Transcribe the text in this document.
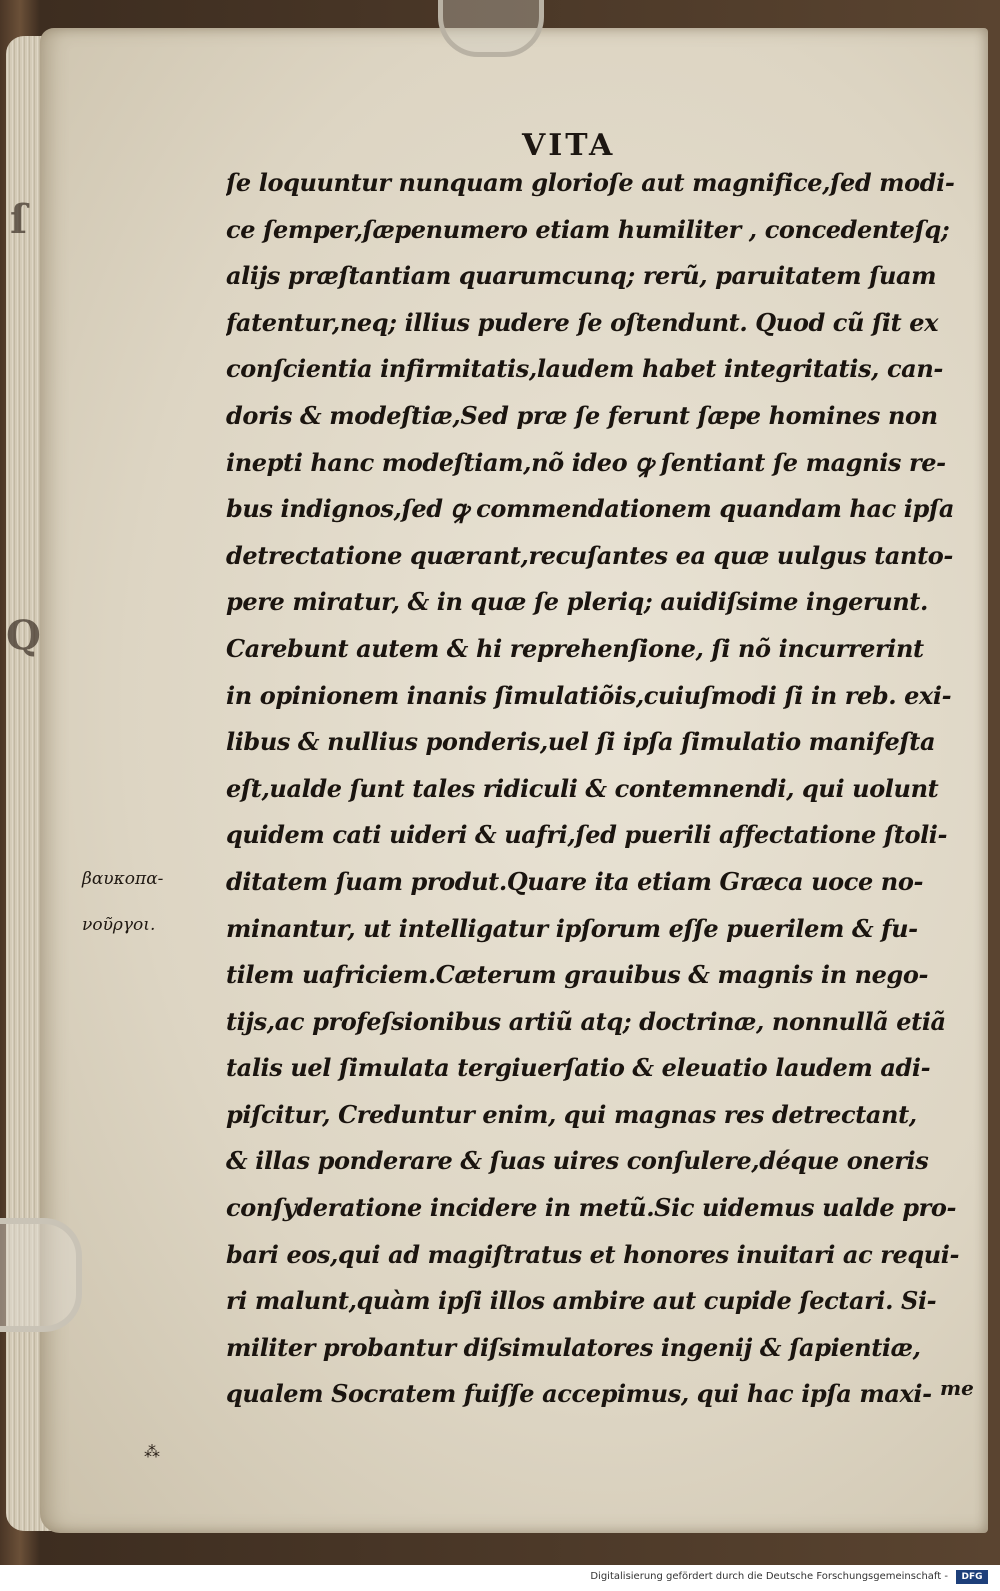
ſ
Q
VITA
ſe loquuntur nunquam glorioſe aut magnifice,ſed modi-
ce ſemper,ſæpenumero etiam humiliter , concedenteſq;
alijs præſtantiam quarumcunq; rerũ, paruitatem ſuam
fatentur,neq; illius pudere ſe oſtendunt. Quod cũ ſit ex
conſcientia infirmitatis,laudem habet integritatis, can-
doris & modeſtiæ,Sed præ ſe ferunt ſæpe homines non
inepti hanc modeſtiam,nõ ideo ꝙ ſentiant ſe magnis re-
bus indignos,ſed ꝙ commendationem quandam hac ipſa
detrectatione quærant,recuſantes ea quæ uulgus tanto-
pere miratur, & in quæ ſe pleriq; auidiſsime ingerunt.
Carebunt autem & hi reprehenſione, ſi nõ incurrerint
in opinionem inanis ſimulatiõis,cuiuſmodi ſi in reb. exi-
libus & nullius ponderis,uel ſi ipſa ſimulatio manifeſta
eſt,ualde ſunt tales ridiculi & contemnendi, qui uolunt
quidem cati uideri & uafri,ſed puerili affectatione ſtoli-
ditatem ſuam produt.Quare ita etiam Græca uoce no-
minantur, ut intelligatur ipſorum eſſe puerilem & fu-
tilem uafriciem.Cæterum grauibus & magnis in nego-
tijs,ac profeſsionibus artiũ atq; doctrinæ, nonnullã etiã
talis uel ſimulata tergiuerſatio & eleuatio laudem adi-
piſcitur, Creduntur enim, qui magnas res detrectant,
& illas ponderare & ſuas uires conſulere,déque oneris
conſyderatione incidere in metũ.Sic uidemus ualde pro-
bari eos,qui ad magiſtratus et honores inuitari ac requi-
ri malunt,quàm ipſi illos ambire aut cupide ſectari. Si-
militer probantur diſsimulatores ingenij & ſapientiæ,
qualem Socratem fuiſſe accepimus, qui hac ipſa maxi-
βαυκοπα-
νοῦργοι.
me
⁂
Digitalisierung gefördert durch die Deutsche Forschungsgemeinschaft -	DFG
